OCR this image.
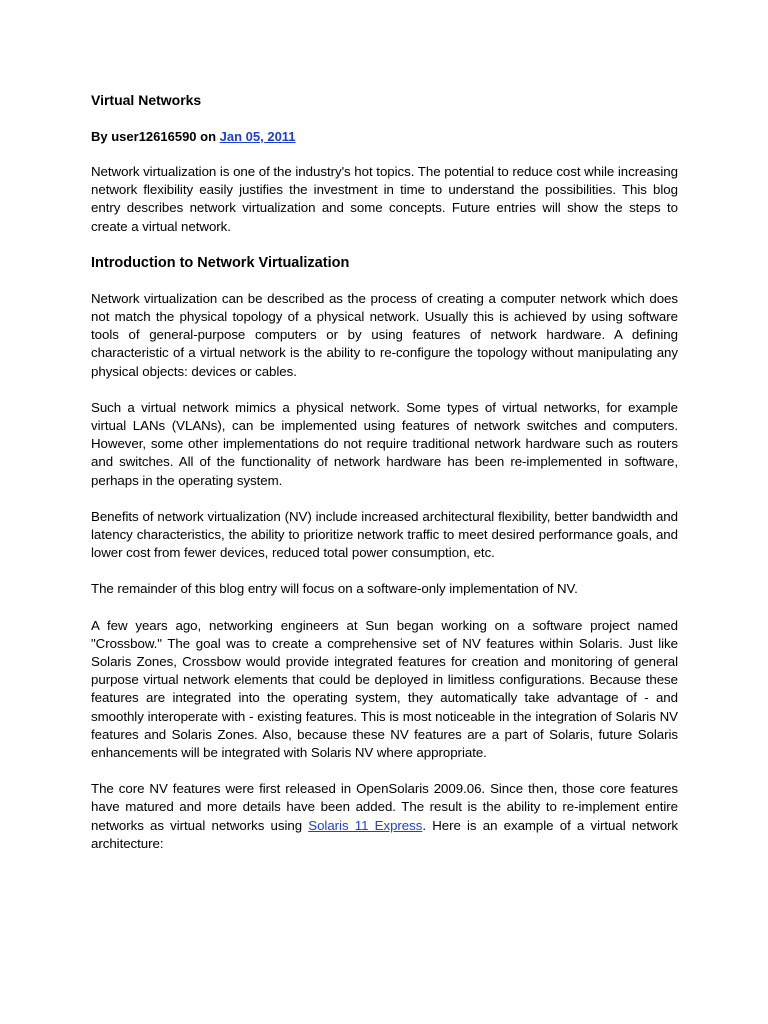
Virtual Networks
By user12616590 on Jan 05, 2011

Network virtualization is one of the industry's hot topics. The potential to reduce cost while increasing network flexibility easily justifies the investment in time to understand the possibilities. This blog entry describes network virtualization and some concepts. Future entries will show the steps to create a virtual network.

Introduction to Network Virtualization

Network virtualization can be described as the process of creating a computer network which does not match the physical topology of a physical network. Usually this is achieved by using software tools of general-purpose computers or by using features of network hardware. A defining characteristic of a virtual network is the ability to re-configure the topology without manipulating any physical objects: devices or cables.

Such a virtual network mimics a physical network. Some types of virtual networks, for example virtual LANs (VLANs), can be implemented using features of network switches and computers. However, some other implementations do not require traditional network hardware such as routers and switches. All of the functionality of network hardware has been re-implemented in software, perhaps in the operating system.

Benefits of network virtualization (NV) include increased architectural flexibility, better bandwidth and latency characteristics, the ability to prioritize network traffic to meet desired performance goals, and lower cost from fewer devices, reduced total power consumption, etc.

The remainder of this blog entry will focus on a software-only implementation of NV.

A few years ago, networking engineers at Sun began working on a software project named "Crossbow." The goal was to create a comprehensive set of NV features within Solaris. Just like Solaris Zones, Crossbow would provide integrated features for creation and monitoring of general purpose virtual network elements that could be deployed in limitless configurations. Because these features are integrated into the operating system, they automatically take advantage of - and smoothly interoperate with - existing features. This is most noticeable in the integration of Solaris NV features and Solaris Zones. Also, because these NV features are a part of Solaris, future Solaris enhancements will be integrated with Solaris NV where appropriate.

The core NV features were first released in OpenSolaris 2009.06. Since then, those core features have matured and more details have been added. The result is the ability to re-implement entire networks as virtual networks using Solaris 11 Express. Here is an example of a virtual network architecture:
